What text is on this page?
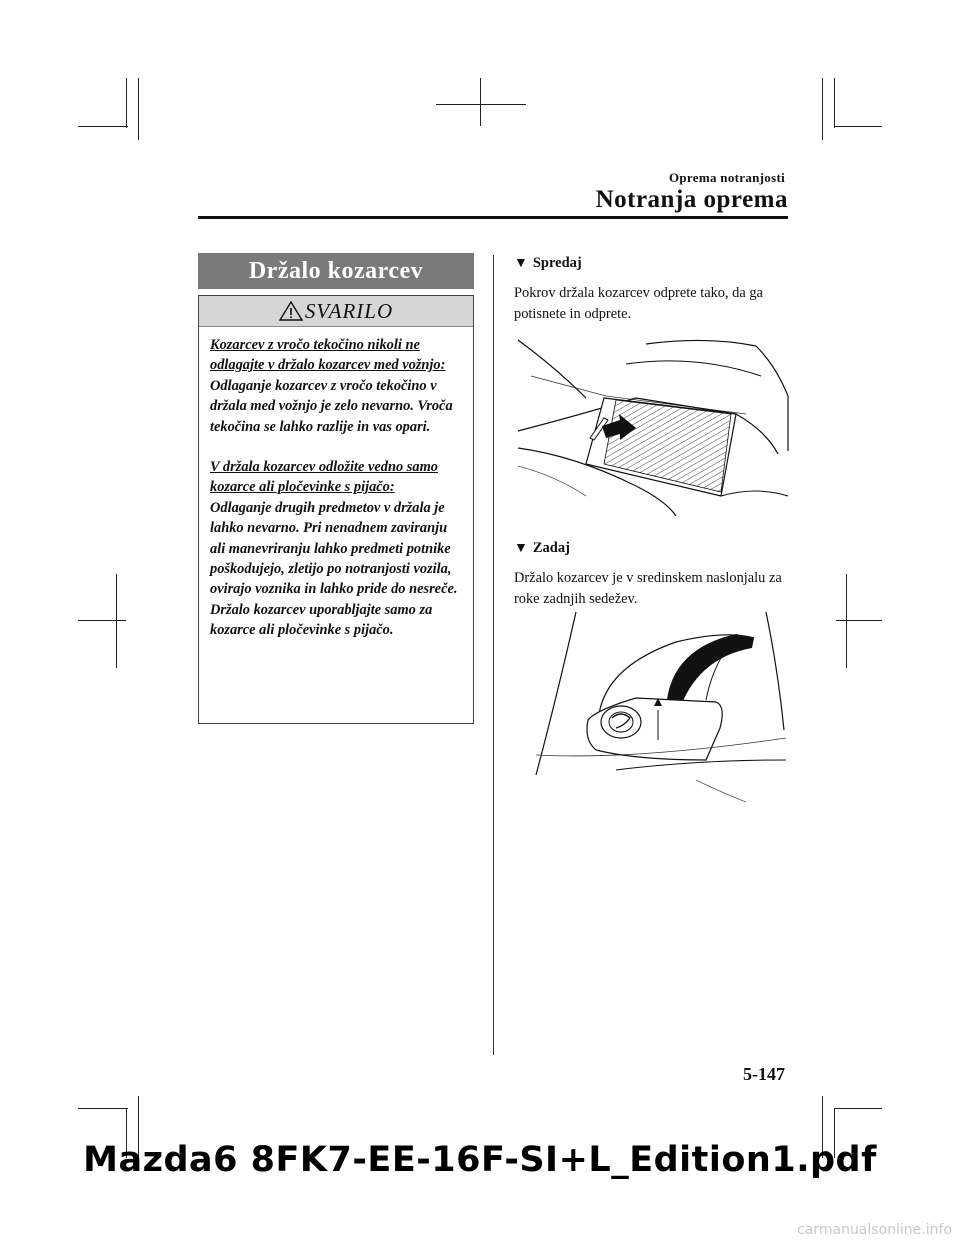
Oprema notranjosti
Notranja oprema
Držalo kozarcev
SVARILO

Kozarcev z vročo tekočino nikoli ne odlagajte v držalo kozarcev med vožnjo:
Odlaganje kozarcev z vročo tekočino v držala med vožnjo je zelo nevarno. Vroča tekočina se lahko razlije in vas opari.

V držala kozarcev odložite vedno samo kozarce ali pločevinke s pijačo:
Odlaganje drugih predmetov v držala je lahko nevarno. Pri nenadnem zaviranju ali manevriranju lahko predmeti potnike poškodujejo, zletijo po notranjosti vozila, ovirajo voznika in lahko pride do nesreče. Držalo kozarcev uporabljajte samo za kozarce ali pločevinke s pijačo.

▼ Spredaj
Pokrov držala kozarcev odprete tako, da ga potisnete in odprete.
▼ Zadaj
Držalo kozarcev je v sredinskem naslonjalu za roke zadnjih sedežev.
5-147
Mazda6 8FK7-EE-16F-SI+L_Edition1.pdf
carmanualsonline.info
